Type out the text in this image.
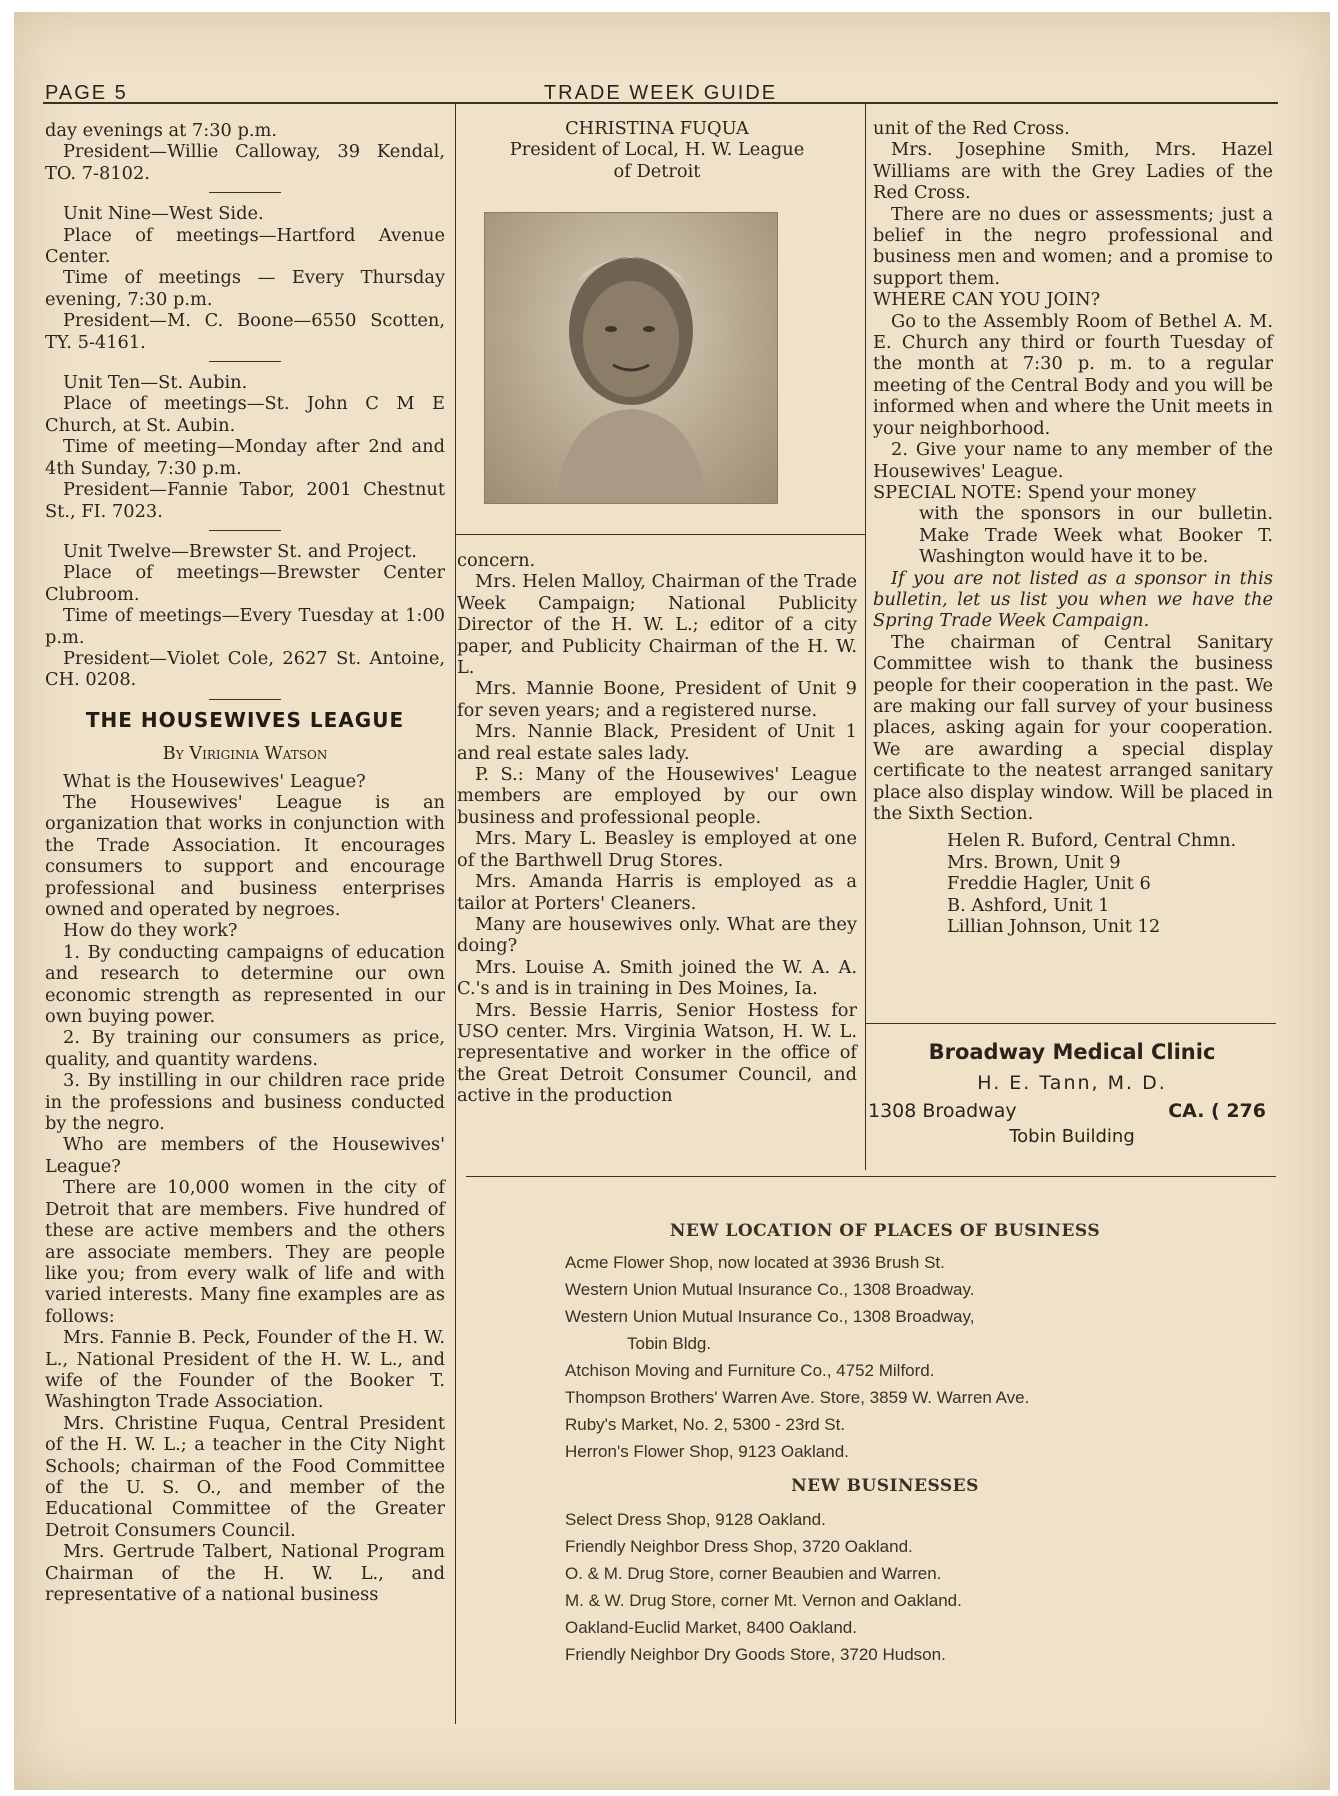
PAGE 5	TRADE WEEK GUIDE

day evenings at 7:30 p.m.

President—Willie Calloway, 39 Kendal, TO. 7-8102.

Unit Nine—West Side.

Place of meetings—Hartford Avenue Center.

Time of meetings — Every Thursday evening, 7:30 p.m.

President—M. C. Boone—6550 Scotten, TY. 5-4161.

Unit Ten—St. Aubin.

Place of meetings—St. John C M E Church, at St. Aubin.

Time of meeting—Monday after 2nd and 4th Sunday, 7:30 p.m.

President—Fannie Tabor, 2001 Chestnut St., FI. 7023.

Unit Twelve—Brewster St. and Project.

Place of meetings—Brewster Center Clubroom.

Time of meetings—Every Tuesday at 1:00 p.m.

President—Violet Cole, 2627 St. Antoine, CH. 0208.

THE HOUSEWIVES LEAGUE
By Viriginia Watson

What is the Housewives' League?

The Housewives' League is an organization that works in conjunction with the Trade Association. It encourages consumers to support and encourage professional and business enterprises owned and operated by negroes.

How do they work?

1. By conducting campaigns of education and research to determine our own economic strength as represented in our own buying power.

2. By training our consumers as price, quality, and quantity wardens.

3. By instilling in our children race pride in the professions and business conducted by the negro.

Who are members of the Housewives' League?

There are 10,000 women in the city of Detroit that are members. Five hundred of these are active members and the others are associate members. They are people like you; from every walk of life and with varied interests. Many fine examples are as follows:

Mrs. Fannie B. Peck, Founder of the H. W. L., National President of the H. W. L., and wife of the Founder of the Booker T. Washington Trade Association.

Mrs. Christine Fuqua, Central President of the H. W. L.; a teacher in the City Night Schools; chairman of the Food Committee of the U. S. O., and member of the Educational Committee of the Greater Detroit Consumers Council.

Mrs. Gertrude Talbert, National Program Chairman of the H. W. L., and representative of a national business

CHRISTINA FUQUA
President of Local, H. W. League
of Detroit

concern.

Mrs. Helen Malloy, Chairman of the Trade Week Campaign; National Publicity Director of the H. W. L.; editor of a city paper, and Publicity Chairman of the H. W. L.

Mrs. Mannie Boone, President of Unit 9 for seven years; and a registered nurse.

Mrs. Nannie Black, President of Unit 1 and real estate sales lady.

P. S.: Many of the Housewives' League members are employed by our own business and professional people.

Mrs. Mary L. Beasley is employed at one of the Barthwell Drug Stores.

Mrs. Amanda Harris is employed as a tailor at Porters' Cleaners.

Many are housewives only. What are they doing?

Mrs. Louise A. Smith joined the W. A. A. C.'s and is in training in Des Moines, Ia.

Mrs. Bessie Harris, Senior Hostess for USO center. Mrs. Virginia Watson, H. W. L. representative and worker in the office of the Great Detroit Consumer Council, and active in the production

unit of the Red Cross.

Mrs. Josephine Smith, Mrs. Hazel Williams are with the Grey Ladies of the Red Cross.

There are no dues or assessments; just a belief in the negro professional and business men and women; and a promise to support them.

WHERE CAN YOU JOIN?

Go to the Assembly Room of Bethel A. M. E. Church any third or fourth Tuesday of the month at 7:30 p. m. to a regular meeting of the Central Body and you will be informed when and where the Unit meets in your neighborhood.

2. Give your name to any member of the Housewives' League.

SPECIAL NOTE: Spend your money

with the sponsors in our bulletin. Make Trade Week what Booker T. Washington would have it to be.

If you are not listed as a sponsor in this bulletin, let us list you when we have the Spring Trade Week Campaign.

The chairman of Central Sanitary Committee wish to thank the business people for their cooperation in the past. We are making our fall survey of your business places, asking again for your cooperation. We are awarding a special display certificate to the neatest arranged sanitary place also display window. Will be placed in the Sixth Section.

Helen R. Buford, Central Chmn.
Mrs. Brown, Unit 9
Freddie Hagler, Unit 6
B. Ashford, Unit 1
Lillian Johnson, Unit 12
Broadway Medical Clinic
H. E. Tann, M. D.
1308 Broadway	CA. ( 276
Tobin Building
NEW LOCATION OF PLACES OF BUSINESS

Acme Flower Shop, now located at 3936 Brush St.

Western Union Mutual Insurance Co., 1308 Broadway.

Western Union Mutual Insurance Co., 1308 Broadway,

Tobin Bldg.

Atchison Moving and Furniture Co., 4752 Milford.

Thompson Brothers' Warren Ave. Store, 3859 W. Warren Ave.

Ruby's Market, No. 2, 5300 - 23rd St.

Herron's Flower Shop, 9123 Oakland.

NEW BUSINESSES

Select Dress Shop, 9128 Oakland.

Friendly Neighbor Dress Shop, 3720 Oakland.

O. & M. Drug Store, corner Beaubien and Warren.

M. & W. Drug Store, corner Mt. Vernon and Oakland.

Oakland-Euclid Market, 8400 Oakland.

Friendly Neighbor Dry Goods Store, 3720 Hudson.
